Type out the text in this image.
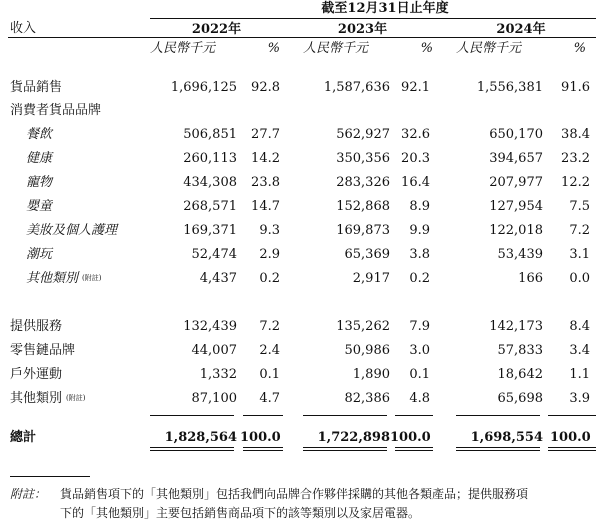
截至12月31日止年度
收入	2022年	2023年	2024年
人民幣千元	% 人民幣千元	% 人民幣千元	%
貨品銷售	1,696,125	92.8	1,587,636 92.1	1,556,381	91.6
消費者貨品品牌
餐飲	506,851	27.7	562,927 32.6	650,170	38.4
健康	260,113	14.2	350,356 20.3	394,657	23.2
寵物	434,308	23.8	283,326 16.4	207,977	12.2
嬰童	268,571	14.7	152,868	8.9	127,954	7.5
美妝及個人護理	169,371	9.3	169,873	9.9	122,018	7.2
潮玩	52,474	2.9	65,369	3.8	53,439	3.1
其他類別 $^{(附註)}$	4,437	0.2	2,917	0.2	166	0.0
提供服務	132,439	7.2	135,262	7.9	142,173	8.4
零售鏈品牌	44,007	2.4	50,986	3.0	57,833	3.4
戶外運動	1,332	0.1	1,890	0.1	18,642	1.1
其他類別 $^{(附註)}$	87,100	4.7	82,386	4.8	65,698	3.9
總計	1,828,564 100.0	1,722,898 100.0	1,698,554 100.0
附註： 貨品銷售項下的「其他類別」包括我們向品牌合作夥伴採購的其他各類產品；提供服務項
下的「其他類別」主要包括銷售商品項下的該等類別以及家居電器。
